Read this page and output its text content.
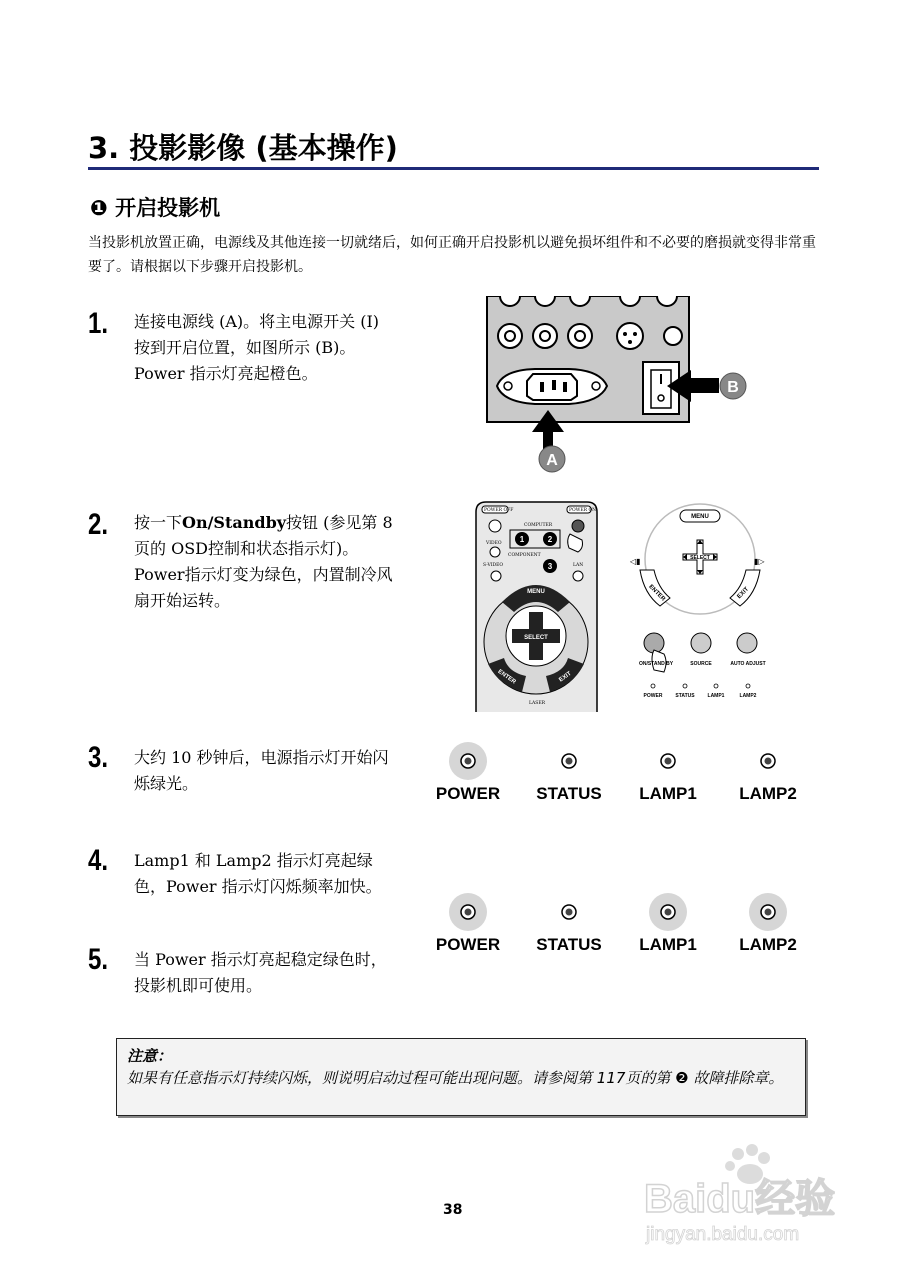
3. 投影影像 (基本操作)
❶ 开启投影机
当投影机放置正确，电源线及其他连接一切就绪后，如何正确开启投影机以避免损坏组件和不必要的磨损就变得非常重要了。请根据以下步骤开启投影机。
1. 连接电源线 (A)。将主电源开关 (Ⅰ) 按到开启位置，如图所示 (B)。Power 指示灯亮起橙色。
2. 按一下On/Standby按钮 (参见第 8页的 OSD控制和状态指示灯)。Power指示灯变为绿色，内置制冷风扇开始运转。
3. 大约 10 秒钟后，电源指示灯开始闪烁绿光。
4. Lamp1 和 Lamp2 指示灯亮起绿色，Power 指示灯闪烁频率加快。
5. 当 Power 指示灯亮起稳定绿色时，投影机即可使用。
B
A
POWER OFF	POWER ON
COMPUTER
VIDEO
COMPONENT
S-VIDEO	LAN
LASER
1	2
3
MENU
SELECT
ENTER	EXIT
◁▮	▮▷
MENU
SELECT
ENTER	EXIT
ON/STAND BY	SOURCE	AUTO ADJUST
POWER	STATUS	LAMP1	LAMP2
POWER STATUS LAMP1 LAMP2
POWER STATUS LAMP1 LAMP2
注意：
如果有任意指示灯持续闪烁，则说明启动过程可能出现问题。请参阅第 117页的第 ❷ 故障排除章。
38	Baidu经验
jingyan.baidu.com
